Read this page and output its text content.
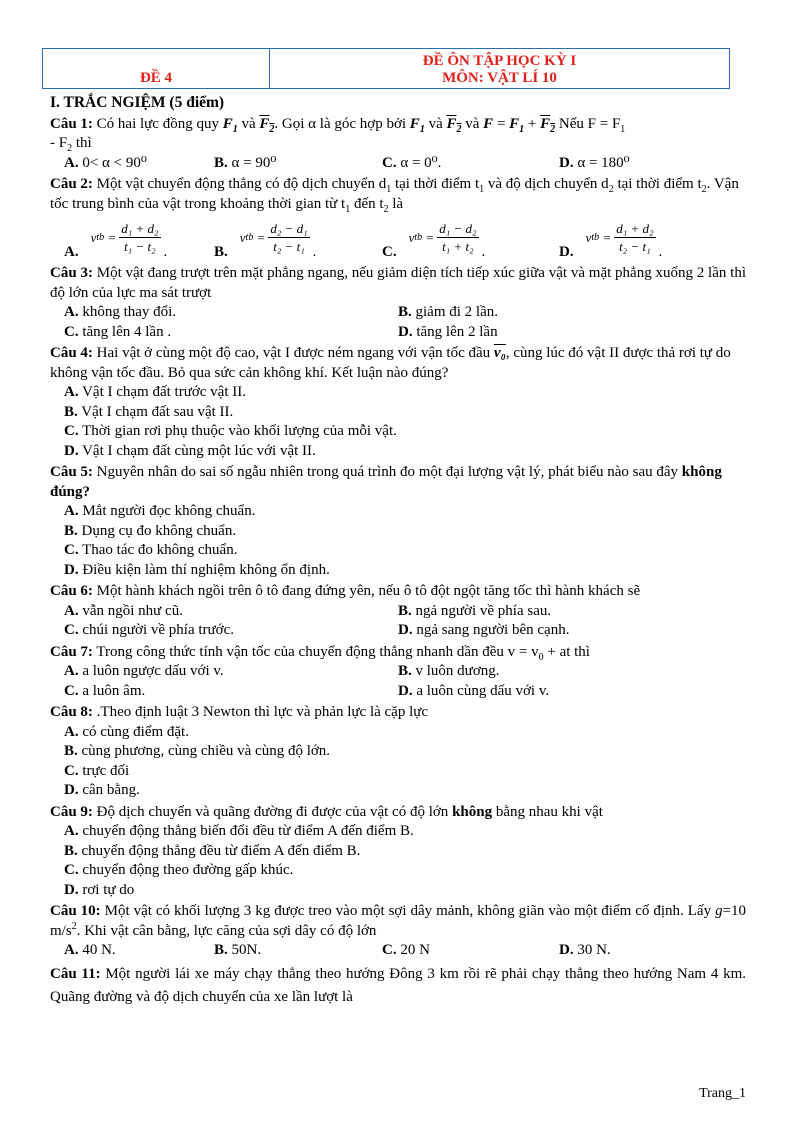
ĐỀ 4	
ĐỀ ÔN TẬP HỌC KỲ I
MÔN: VẬT LÍ 10
I. TRẮC NGIỆM (5 điểm)
Câu 1: Có hai lực đồng quy $F_1$ và $F_2$. Gọi α là góc hợp bởi $F_1$ và $F_2$ và $F = F_1 + F_2$ Nếu $F = F_1$
- $F_2$ thì
A. 0< α < 90⁰	B. α = 90⁰	C. α = 0⁰.	D. α = 180⁰
Câu 2: Một vật chuyển động thẳng có độ dịch chuyển $d_1$ tại thời điểm $t_1$ và độ dịch chuyển $d_2$ tại thời điểm $t_2$. Vận tốc trung bình của vật trong khoảng thời gian từ $t_1$ đến $t_2$ là
A.
v tb =
d₁ + d₂
t₁ − t₂ .	B.
v tb =
d₂ − d₁
t₂ − t₁ .	C.
v tb =
d₁ − d₂
t₁ + t₂ .	D.
v tb =
d₁ + d₂
t₂ − t₁ .
Câu 3: Một vật đang trượt trên mặt phẳng ngang, nếu giảm diện tích tiếp xúc giữa vật và mặt phẳng xuống 2 lần thì độ lớn của lực ma sát trượt
A. không thay đổi.	B. giảm đi 2 lần.
C. tăng lên 4 lần .	D. tăng lên 2 lần
Câu 4: Hai vật ở cùng một độ cao, vật I được ném ngang với vận tốc đầu v₀, cùng lúc đó vật II được thả rơi tự do không vận tốc đầu. Bỏ qua sức cản không khí. Kết luận nào đúng?
A. Vật I chạm đất trước vật II.
B. Vật I chạm đất sau vật II.
C. Thời gian rơi phụ thuộc vào khối lượng của mỗi vật.
D. Vật I chạm đất cùng một lúc với vật II.
Câu 5: Nguyên nhân do sai số ngẫu nhiên trong quá trình đo một đại lượng vật lý, phát biểu nào sau đây không đúng?
A. Mắt người đọc không chuẩn.
B. Dụng cụ đo không chuẩn.
C. Thao tác đo không chuẩn.
D. Điều kiện làm thí nghiệm không ổn định.
Câu 6: Một hành khách ngồi trên ô tô đang đứng yên, nếu ô tô đột ngột tăng tốc thì hành khách sẽ
A. vẫn ngồi như cũ.	B. ngả người về phía sau.
C. chúi người về phía trước.	D. ngả sang người bên cạnh.
Câu 7: Trong công thức tính vận tốc của chuyển động thẳng nhanh dần đều $v = v_0$ + at thì
A. a luôn ngược dấu với v.	B. v luôn dương.
C. a luôn âm.	D. a luôn cùng dấu với v.
Câu 8: .Theo định luật 3 Newton thì lực và phản lực là cặp lực
A. có cùng điểm đặt.
B. cùng phương, cùng chiều và cùng độ lớn.
C. trực đối
D. cân bằng.
Câu 9: Độ dịch chuyển và quãng đường đi được của vật có độ lớn không bằng nhau khi vật
A. chuyển động thẳng biến đổi đều từ điểm A đến điểm B.
B. chuyển động thẳng đều từ điểm A đến điểm B.
C. chuyển động theo đường gấp khúc.
D. rơi tự do
Câu 10: Một vật có khối lượng 3 kg được treo vào một sợi dây mảnh, không giãn vào một điểm cố định. Lấy g=10 $m/s^2$. Khi vật cân bằng, lực căng của sợi dây có độ lớn
A. 40 N.	B. 50N.	C. 20 N	D. 30 N.
Câu 11: Một người lái xe máy chạy thẳng theo hướng Đông 3 km rồi rẽ phải chạy thẳng theo hướng Nam 4 km. Quãng đường và độ dịch chuyển của xe lần lượt là
Trang_1
